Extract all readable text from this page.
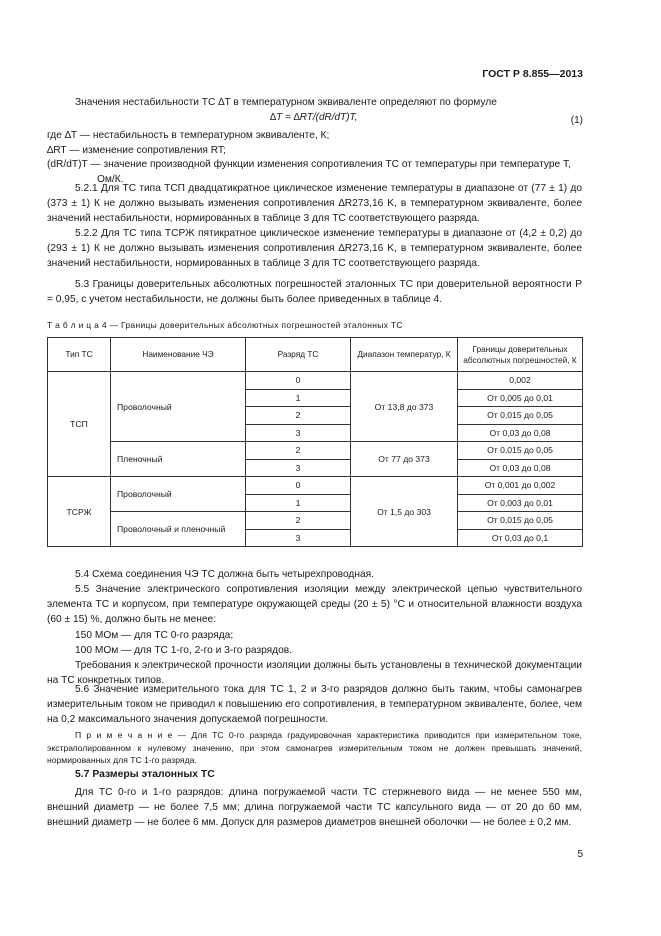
ГОСТ Р 8.855—2013
Значения нестабильности ТС ∆T в температурном эквиваленте определяют по формуле
∆T = ∆RT/(dR/dT)T,	(1)
где ∆T —
нестабильность в температурном эквиваленте, К;
∆RT —
изменение сопротивления RT;
(dR/dT)T — значение производной функции изменения сопротивления ТС от температуры при температуре T, Ом/К.
5.2.1 Для ТС типа ТСП двадцатикратное циклическое изменение температуры в диапазоне от (77 ± 1) до (373 ± 1) К не должно вызывать изменения сопротивления ∆R273,16 K, в температурном эквиваленте, более значений нестабильности, нормированных в таблице 3 для ТС соответствующего разряда.
5.2.2 Для ТС типа ТСРЖ пятикратное циклическое изменение температуры в диапазоне от (4,2 ± 0,2) до (293 ± 1) К не должно вызывать изменения сопротивления ∆R273,16 K, в температурном эквиваленте, более значений нестабильности, нормированных в таблице 3 для ТС соответствующего разряда.
5.3 Границы доверительных абсолютных погрешностей эталонных ТС при доверительной вероятности P = 0,95, с учетом нестабильности, не должны быть более приведенных в таблице 4.
Т а б л и ц а 4 — Границы доверительных абсолютных погрешностей эталонных ТС
Тип ТС	Наименование ЧЭ	Разряд ТС	Диапазон температур, К	Границы доверительных абсолютных погрешностей, К
ТСП	Проволочный	0	От 13,8 до 373	0,002
		1		От 0,005 до 0,01
		2		От 0,015 до 0,05
		3		От 0,03 до 0,08
	Пленочный	2	От 77 до 373	От 0,015 до 0,05
		3		От 0,03 до 0,08
ТСРЖ	Проволочный	0	От 1,5 до 303	От 0,001 до 0,002
		1		От 0,003 до 0,01
	Проволочный и пленочный	2		От 0,015 до 0,05
		3		От 0,03 до 0,1
5.4 Схема соединения ЧЭ ТС должна быть четырехпроводная.
5.5 Значение электрического сопротивления изоляции между электрической цепью чувствительного элемента ТС и корпусом, при температуре окружающей среды (20 ± 5) °С и относительной влажности воздуха (60 ± 15) %, должно быть не менее:
150 МОм — для ТС 0-го разряда;
100 МОм — для ТС 1-го, 2-го и 3-го разрядов.
Требования к электрической прочности изоляции должны быть установлены в технической документации на ТС конкретных типов.
5.6 Значение измерительного тока для ТС 1, 2 и 3-го разрядов должно быть таким, чтобы самонагрев измерительным током не приводил к повышению его сопротивления, в температурном эквиваленте, более, чем на 0,2 максимального значения допускаемой погрешности.
П р и м е ч а н и е — Для ТС 0-го разряда градуировочная характеристика приводится при измерительном токе, экстраполированном к нулевому значению, при этом самонагрев измерительным током не должен превышать значений, нормированных для ТС 1-го разряда.
5.7 Размеры эталонных ТС
Для ТС 0-го и 1-го разрядов: длина погружаемой части ТС стержневого вида — не менее 550 мм, внешний диаметр — не более 7,5 мм; длина погружаемой части ТС капсульного вида — от 20 до 60 мм, внешний диаметр — не более 6 мм. Допуск для размеров диаметров внешней оболочки — не более ± 0,2 мм.
5
